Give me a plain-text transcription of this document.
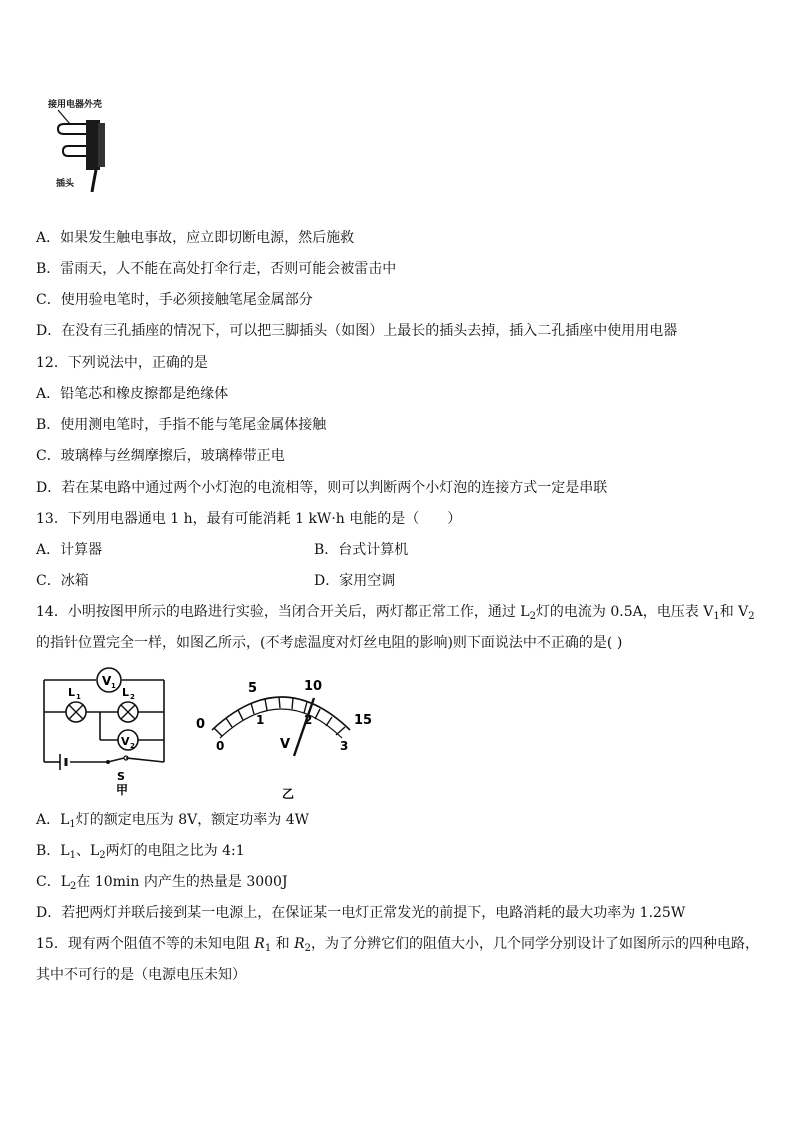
接用电器外壳
插头
A．如果发生触电事故，应立即切断电源，然后施救
B．雷雨天，人不能在高处打伞行走，否则可能会被雷击中
C．使用验电笔时，手必须接触笔尾金属部分
D．在没有三孔插座的情况下，可以把三脚插头（如图）上最长的插头去掉，插入二孔插座中使用用电器
12．下列说法中，正确的是
A．铅笔芯和橡皮擦都是绝缘体
B．使用测电笔时，手指不能与笔尾金属体接触
C．玻璃棒与丝绸摩擦后，玻璃棒带正电
D．若在某电路中通过两个小灯泡的电流相等，则可以判断两个小灯泡的连接方式一定是串联
13．下列用电器通电 1 h，最有可能消耗 1 kW·h 电能的是（　　）
A．计算器	B．台式计算机
C．冰箱	D．家用空调
14．小明按图甲所示的电路进行实验，当闭合开关后，两灯都正常工作，通过 $L_2$灯的电流为 0.5A，电压表 $V_1$和 $V_2$的指针位置完全一样，如图乙所示，(不考虑温度对灯丝电阻的影响)则下面说法中不正确的是( )
V 1
L 1	L 2
V 2
S
甲
0
5	10
15
0
1	2
3
V
乙
A．$L_1$灯的额定电压为 8V，额定功率为 4W
B．$L_1$、$L_2$两灯的电阻之比为 4:1
C．$L_2$在 10min 内产生的热量是 3000J
D．若把两灯并联后接到某一电源上，在保证某一电灯正常发光的前提下，电路消耗的最大功率为 1.25W
15．现有两个阻值不等的未知电阻 $R_1$ 和 $R_2$，为了分辨它们的阻值大小，几个同学分别设计了如图所示的四种电路，其中不可行的是（电源电压未知）
